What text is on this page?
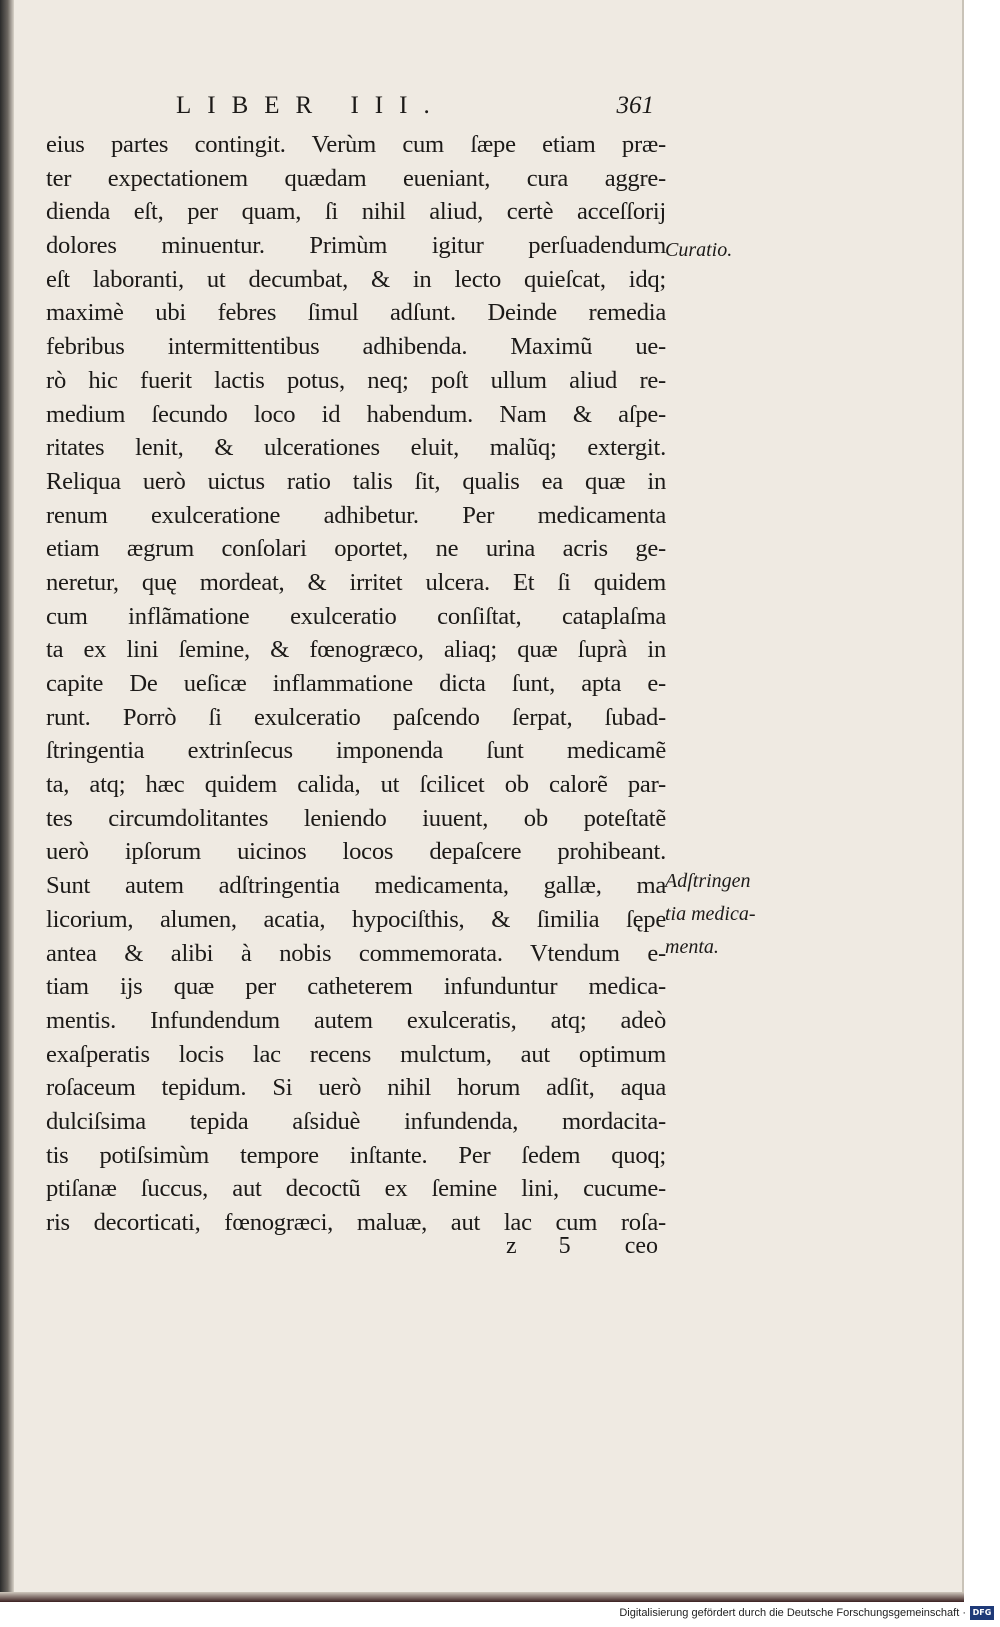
LIBER III.	361
eius partes contingit. Verùm cum ſæpe etiam præ-
ter expectationem quædam eueniant, cura aggre-
dienda eſt, per quam, ſi nihil aliud, certè acceſſorij
dolores minuentur. Primùm igitur perſuadendum
eſt laboranti, ut decumbat, & in lecto quieſcat, idq;
maximè ubi febres ſimul adſunt. Deinde remedia
febribus intermittentibus adhibenda. Maximũ ue-
rò hic fuerit lactis potus, neq; poſt ullum aliud re-
medium ſecundo loco id habendum. Nam & aſpe-
ritates lenit, & ulcerationes eluit, malũq; extergit.
Reliqua uerò uictus ratio talis ſit, qualis ea quæ in
renum exulceratione adhibetur. Per medicamenta
etiam ægrum conſolari oportet, ne urina acris ge-
neretur, quę mordeat, & irritet ulcera. Et ſi quidem
cum inflãmatione exulceratio conſiſtat, cataplaſma
ta ex lini ſemine, & fœnogræco, aliaq; quæ ſuprà in
capite De ueſicæ inflammatione dicta ſunt, apta e-
runt. Porrò ſi exulceratio paſcendo ſerpat, ſubad-
ſtringentia extrinſecus imponenda ſunt medicamẽ
ta, atq; hæc quidem calida, ut ſcilicet ob calorẽ par-
tes circumdolitantes leniendo iuuent, ob poteſtatẽ
uerò ipſorum uicinos locos depaſcere prohibeant.
Sunt autem adſtringentia medicamenta, gallæ, ma
licorium, alumen, acatia, hypociſthis, & ſimilia ſępe
antea & alibi à nobis commemorata. Vtendum e-
tiam ijs quæ per catheterem infunduntur medica-
mentis. Infundendum autem exulceratis, atq; adeò
exaſperatis locis lac recens mulctum, aut optimum
roſaceum tepidum. Si uerò nihil horum adſit, aqua
dulciſsima tepida aſsiduè infundenda, mordacita-
tis potiſsimùm tempore inſtante. Per ſedem quoq;
ptiſanæ ſuccus, aut decoctũ ex ſemine lini, cucume-
ris decorticati, fœnogræci, maluæ, aut lac cum roſa-
Curatio.
Adſtringen
tia medica-
menta.
z 5 ceo
Digitalisierung gefördert durch die Deutsche Forschungsgemeinschaft · DFG
